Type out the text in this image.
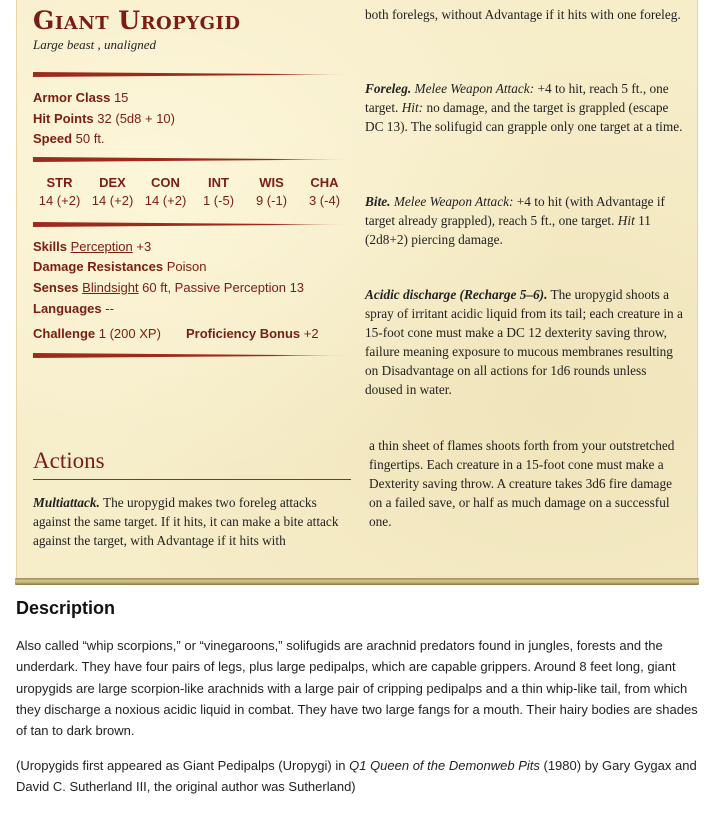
Giant Uropygid
Large beast , unaligned
Armor Class 15
Hit Points 32 (5d8 + 10)
Speed 50 ft.
STR
14 (+2)
DEX
14 (+2)
CON
14 (+2)
INT
1 (-5)
WIS
9 (-1)
CHA
3 (-4)
Skills Perception +3
Damage Resistances Poison
Senses Blindsight 60 ft, Passive Perception 13
Languages --
Challenge 1 (200 XP) Proficiency Bonus +2
Actions
Multiattack. The uropygid makes two foreleg attacks against the same target. If it hits, it can make a bite attack against the target, with Advantage if it hits with
both forelegs, without Advantage if it hits with one foreleg.
Foreleg. Melee Weapon Attack: +4 to hit, reach 5 ft., one target. Hit: no damage, and the target is grappled (escape DC 13). The solifugid can grapple only one target at a time.
Bite. Melee Weapon Attack: +4 to hit (with Advantage if target already grappled), reach 5 ft., one target. Hit 11 (2d8+2) piercing damage.
Acidic discharge (Recharge 5–6). The uropygid shoots a spray of irritant acidic liquid from its tail; each creature in a 15-foot cone must make a DC 12 dexterity saving throw, failure meaning exposure to mucous membranes resulting on Disadvantage on all actions for 1d6 rounds unless doused in water.
a thin sheet of flames shoots forth from your outstretched fingertips. Each creature in a 15-foot cone must make a Dexterity saving throw. A creature takes 3d6 fire damage on a failed save, or half as much damage on a successful one.
Description
Also called “whip scorpions,” or “vinegaroons,” solifugids are arachnid predators found in jungles, forests and the underdark. They have four pairs of legs, plus large pedipalps, which are capable grippers. Around 8 feet long, giant uropygids are large scorpion-like arachnids with a large pair of cripping pedipalps and a thin whip-like tail, from which they discharge a noxious acidic liquid in combat. They have two large fangs for a mouth. Their hairy bodies are shades of tan to dark brown.
(Uropygids first appeared as Giant Pedipalps (Uropygi) in Q1 Queen of the Demonweb Pits (1980) by Gary Gygax and David C. Sutherland III, the original author was Sutherland)
